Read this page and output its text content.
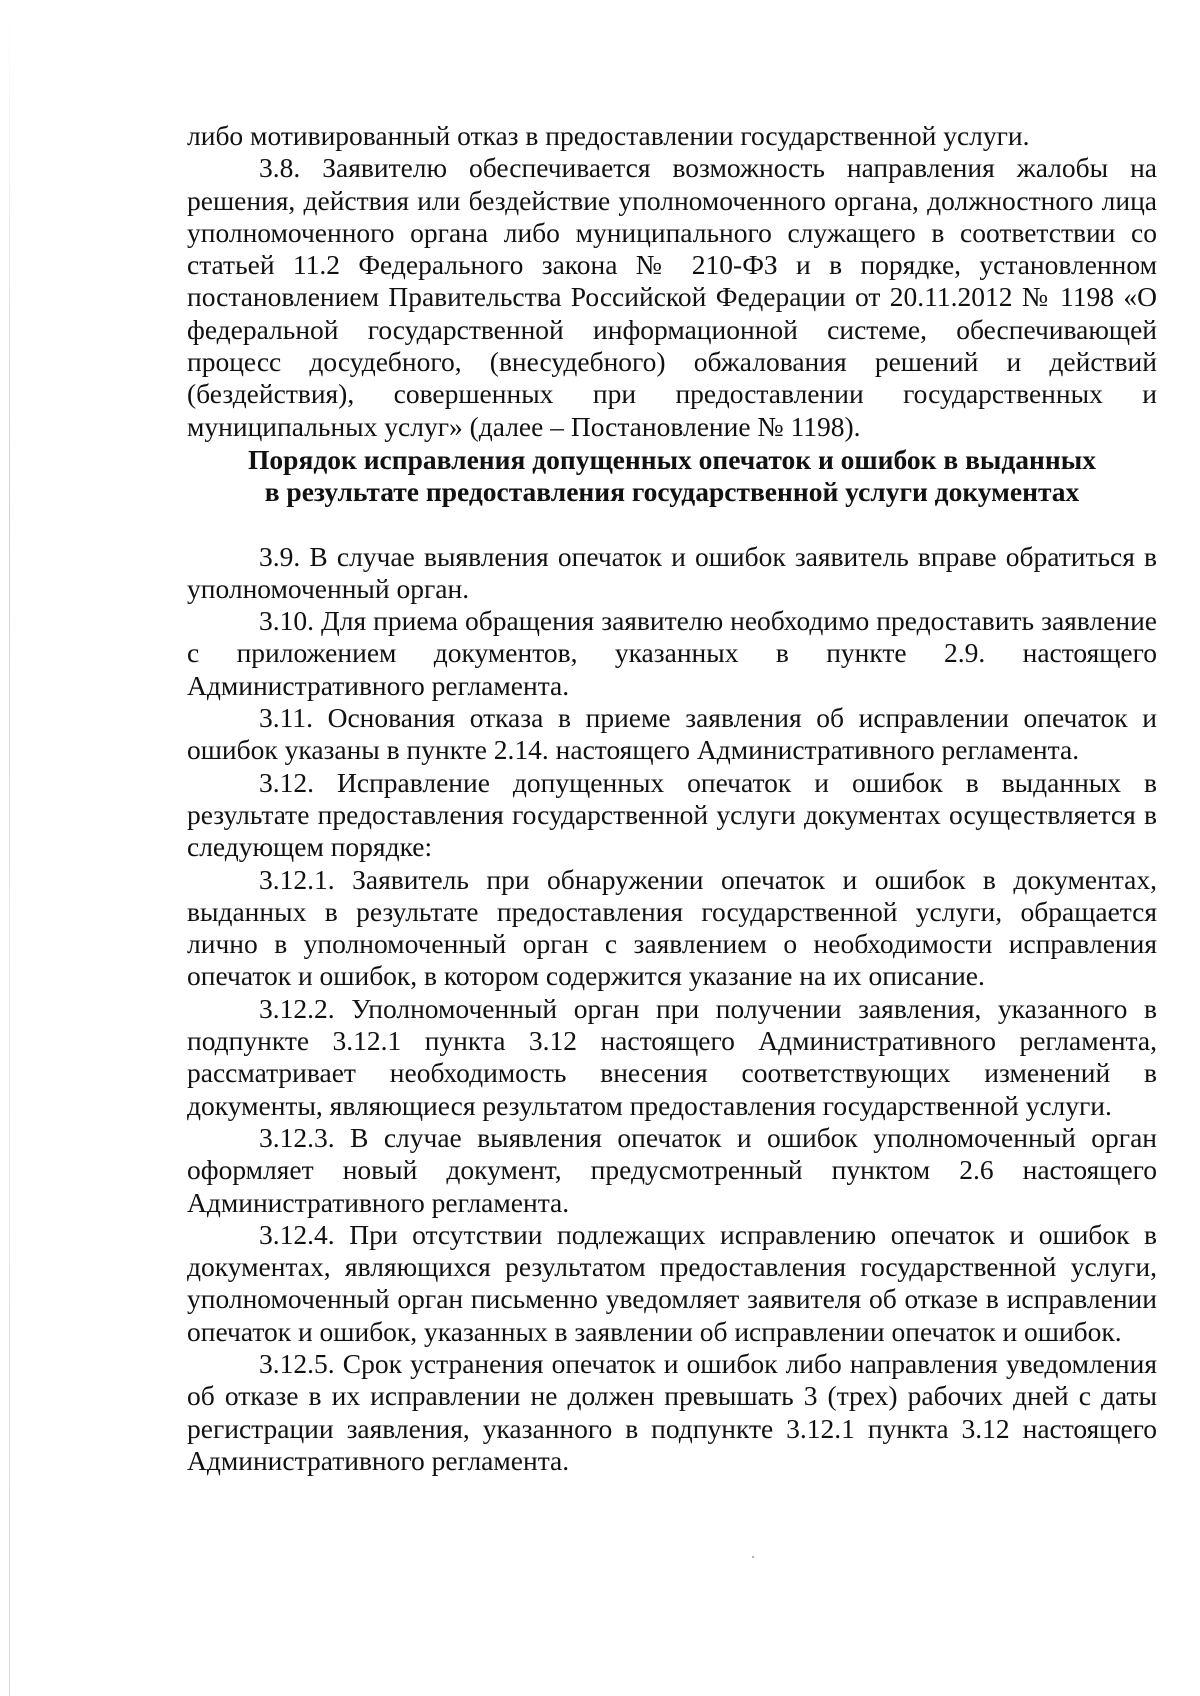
либо мотивированный отказ в предоставлении государственной услуги.

3.8. Заявителю обеспечивается возможность направления жалобы на решения, действия или бездействие уполномоченного органа, должностного лица уполномоченного органа либо муниципального служащего в соответствии со статьей 11.2 Федерального закона № 210-ФЗ и в порядке, установленном постановлением Правительства Российской Федерации от 20.11.2012 № 1198 «О федеральной государственной информационной системе, обеспечивающей процесс досудебного, (внесудебного) обжалования решений и действий (бездействия), совершенных при предоставлении государственных и муниципальных услуг» (далее – Постановление № 1198).

Порядок исправления допущенных опечаток и ошибок в выданных
в результате предоставления государственной услуги документах

3.9. В случае выявления опечаток и ошибок заявитель вправе обратиться в уполномоченный орган.

3.10. Для приема обращения заявителю необходимо предоставить заявление с приложением документов, указанных в пункте 2.9. настоящего Административного регламента.

3.11. Основания отказа в приеме заявления об исправлении опечаток и ошибок указаны в пункте 2.14. настоящего Административного регламента.

3.12. Исправление допущенных опечаток и ошибок в выданных в результате предоставления государственной услуги документах осуществляется в следующем порядке:

3.12.1. Заявитель при обнаружении опечаток и ошибок в документах, выданных в результате предоставления государственной услуги, обращается лично в уполномоченный орган с заявлением о необходимости исправления опечаток и ошибок, в котором содержится указание на их описание.

3.12.2. Уполномоченный орган при получении заявления, указанного в подпункте 3.12.1 пункта 3.12 настоящего Административного регламента, рассматривает необходимость внесения соответствующих изменений в документы, являющиеся результатом предоставления государственной услуги.

3.12.3. В случае выявления опечаток и ошибок уполномоченный орган оформляет новый документ, предусмотренный пунктом 2.6 настоящего Административного регламента.

3.12.4. При отсутствии подлежащих исправлению опечаток и ошибок в документах, являющихся результатом предоставления государственной услуги, уполномоченный орган письменно уведомляет заявителя об отказе в исправлении опечаток и ошибок, указанных в заявлении об исправлении опечаток и ошибок.

3.12.5. Срок устранения опечаток и ошибок либо направления уведомления об отказе в их исправлении не должен превышать 3 (трех) рабочих дней с даты регистрации заявления, указанного в подпункте 3.12.1 пункта 3.12 настоящего Административного регламента.
